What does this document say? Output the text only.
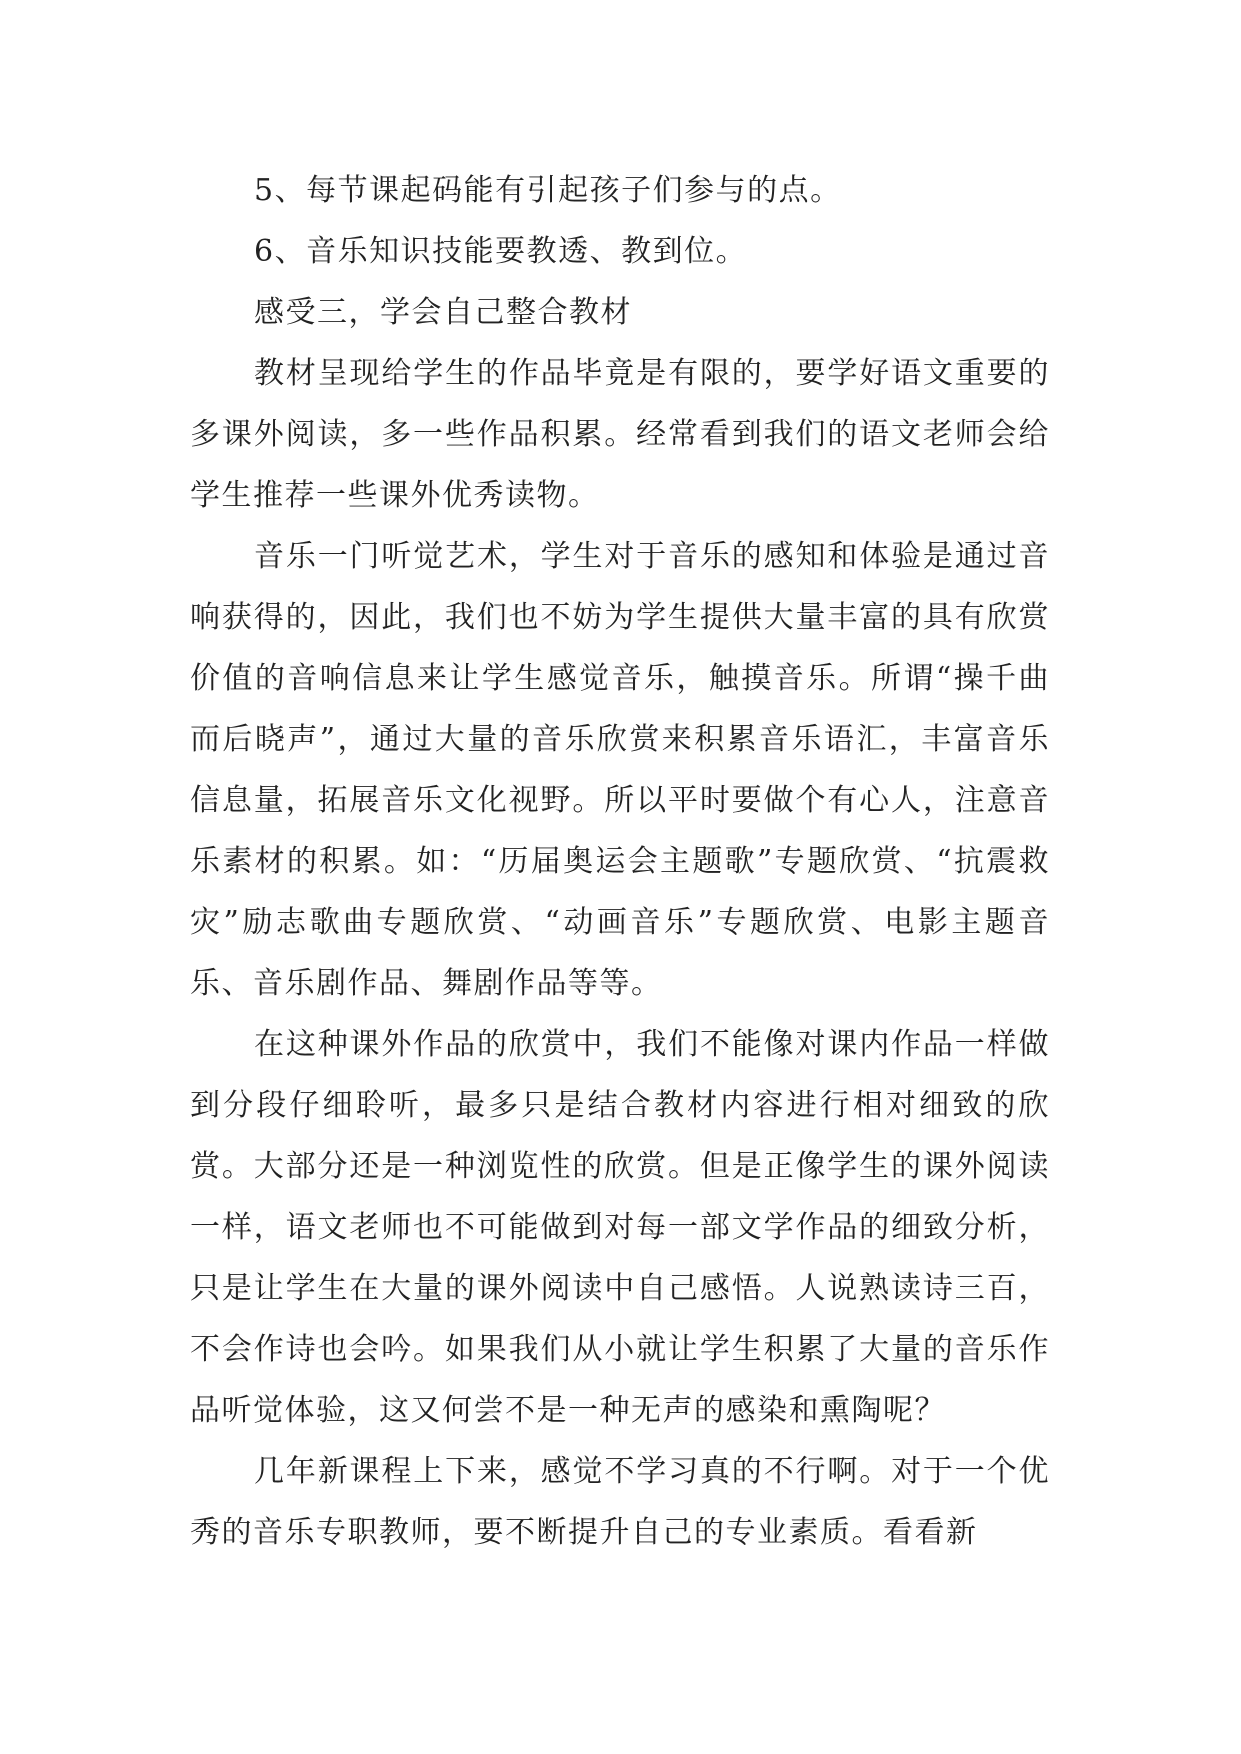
5、每节课起码能有引起孩子们参与的点。

6、音乐知识技能要教透、教到位。

感受三，学会自己整合教材

教材呈现给学生的作品毕竟是有限的，要学好语文重要的多课外阅读，多一些作品积累。经常看到我们的语文老师会给学生推荐一些课外优秀读物。

音乐一门听觉艺术，学生对于音乐的感知和体验是通过音响获得的，因此，我们也不妨为学生提供大量丰富的具有欣赏价值的音响信息来让学生感觉音乐，触摸音乐。所谓“操千曲而后晓声”，通过大量的音乐欣赏来积累音乐语汇，丰富音乐信息量，拓展音乐文化视野。所以平时要做个有心人，注意音乐素材的积累。如：“历届奥运会主题歌”专题欣赏、“抗震救灾”励志歌曲专题欣赏、“动画音乐”专题欣赏、电影主题音乐、音乐剧作品、舞剧作品等等。

在这种课外作品的欣赏中，我们不能像对课内作品一样做到分段仔细聆听，最多只是结合教材内容进行相对细致的欣赏。大部分还是一种浏览性的欣赏。但是正像学生的课外阅读一样，语文老师也不可能做到对每一部文学作品的细致分析，只是让学生在大量的课外阅读中自己感悟。人说熟读诗三百，不会作诗也会吟。如果我们从小就让学生积累了大量的音乐作品听觉体验，这又何尝不是一种无声的感染和熏陶呢？

几年新课程上下来，感觉不学习真的不行啊。对于一个优秀的音乐专职教师，要不断提升自己的专业素质。看看新
